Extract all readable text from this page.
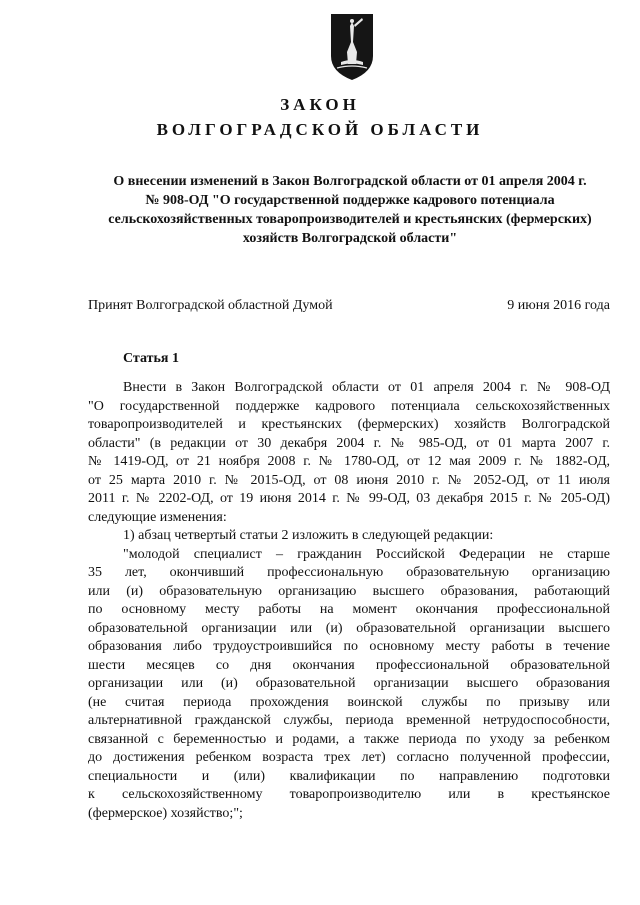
ЗАКОН
ВОЛГОГРАДСКОЙ ОБЛАСТИ

О внесении изменений в Закон Волгоградской области от 01 апреля 2004 г.
№ 908-ОД "О государственной поддержке кадрового потенциала
сельскохозяйственных товаропроизводителей и крестьянских (фермерских)
хозяйств Волгоградской области"

Принят Волгоградской областной Думой	9 июня 2016 года
Статья 1
Внести в Закон Волгоградской области от 01 апреля 2004 г. № 908-ОД
"О государственной поддержке кадрового потенциала сельскохозяйственных
товаропроизводителей и крестьянских (фермерских) хозяйств Волгоградской
области" (в редакции от 30 декабря 2004 г. № 985-ОД, от 01 марта 2007 г.
№ 1419-ОД, от 21 ноября 2008 г. № 1780-ОД, от 12 мая 2009 г. № 1882-ОД,
от 25 марта 2010 г. № 2015-ОД, от 08 июня 2010 г. № 2052-ОД, от 11 июля
2011 г. № 2202-ОД, от 19 июня 2014 г. № 99-ОД, 03 декабря 2015 г. № 205-ОД)
следующие изменения:
1) абзац четвертый статьи 2 изложить в следующей редакции:
"молодой специалист – гражданин Российской Федерации не старше
35 лет, окончивший профессиональную образовательную организацию
или (и) образовательную организацию высшего образования, работающий
по основному месту работы на момент окончания профессиональной
образовательной организации или (и) образовательной организации высшего
образования либо трудоустроившийся по основному месту работы в течение
шести месяцев со дня окончания профессиональной образовательной
организации или (и) образовательной организации высшего образования
(не считая периода прохождения воинской службы по призыву или
альтернативной гражданской службы, периода временной нетрудоспособности,
связанной с беременностью и родами, а также периода по уходу за ребенком
до достижения ребенком возраста трех лет) согласно полученной профессии,
специальности и (или) квалификации по направлению подготовки
к сельскохозяйственному товаропроизводителю или в крестьянское
(фермерское) хозяйство;";
